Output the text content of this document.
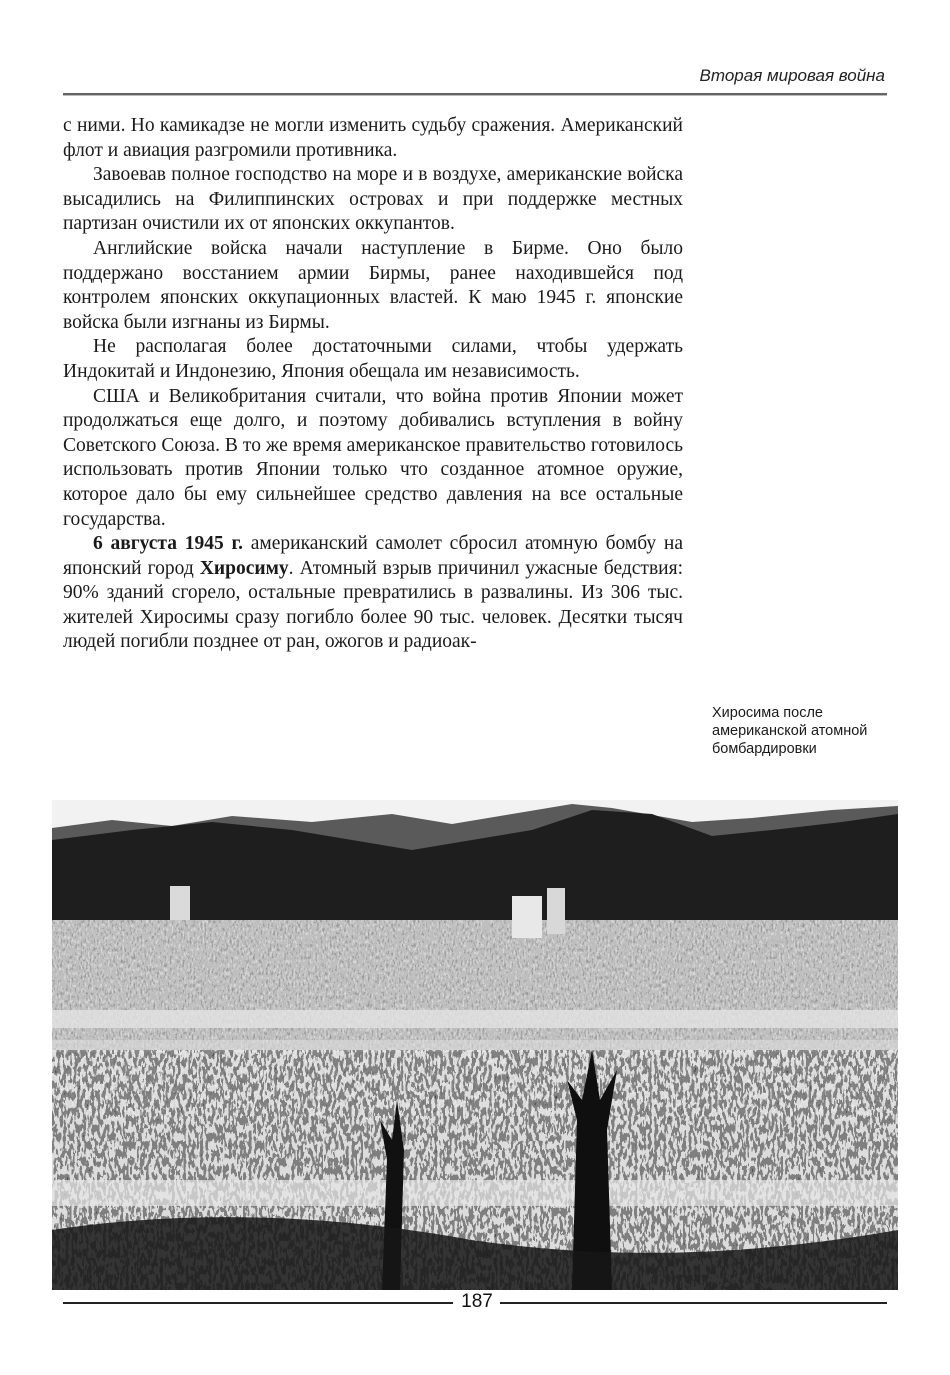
Вторая мировая война

с ними. Но камикадзе не могли изменить судьбу сражения. Американский флот и авиация разгромили противника.

Завоевав полное господство на море и в воздухе, американские войска высадились на Филиппинских островах и при поддержке местных партизан очистили их от японских оккупантов.

Английские войска начали наступление в Бирме. Оно было поддержано восстанием армии Бирмы, ранее находившейся под контролем японских оккупационных властей. К маю 1945 г. японские войска были изгнаны из Бирмы.

Не располагая более достаточными силами, чтобы удержать Индокитай и Индонезию, Япония обещала им независимость.

США и Великобритания считали, что война против Японии может продолжаться еще долго, и поэтому добивались вступления в войну Советского Союза. В то же время американское правительство готовилось использовать против Японии только что созданное атомное оружие, которое дало бы ему сильнейшее средство давления на все остальные государства.

6 августа 1945 г. американский самолет сбросил атомную бомбу на японский город Хиросиму. Атомный взрыв причинил ужасные бедствия: 90% зданий сгорело, остальные превратились в развалины. Из 306 тыс. жителей Хиросимы сразу погибло более 90 тыс. человек. Десятки тысяч людей погибли позднее от ран, ожогов и радиоак-

Хиросима после американской атомной бомбардировки
187
